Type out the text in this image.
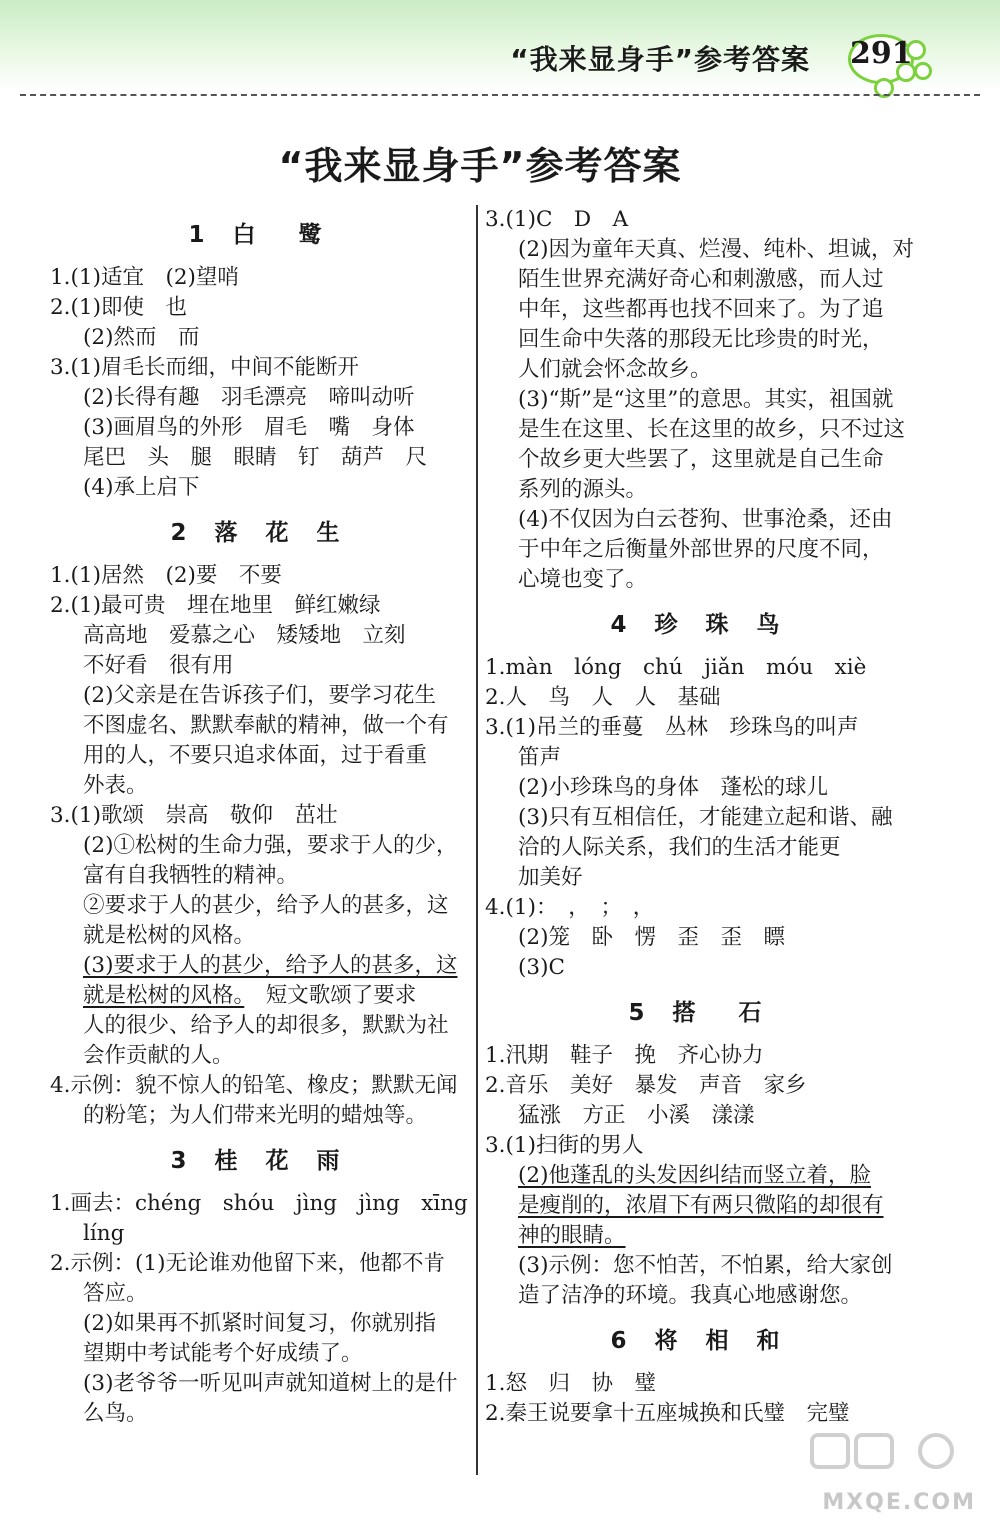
“我来显身手”参考答案 291
“我来显身手”参考答案
1 白　鹭
1.(1)适宜　(2)望哨
2.(1)即使　也
(2)然而　而
3.(1)眉毛长而细，中间不能断开
(2)长得有趣　羽毛漂亮　啼叫动听
(3)画眉鸟的外形　眉毛　嘴　身体
尾巴　头　腿　眼睛　钉　葫芦　尺
(4)承上启下
2 落 花 生
1.(1)居然　(2)要　不要
2.(1)最可贵　埋在地里　鲜红嫩绿
高高地　爱慕之心　矮矮地　立刻
不好看　很有用
(2)父亲是在告诉孩子们，要学习花生
不图虚名、默默奉献的精神，做一个有
用的人，不要只追求体面，过于看重
外表。
3.(1)歌颂　崇高　敬仰　茁壮
(2)①松树的生命力强，要求于人的少，
富有自我牺牲的精神。
②要求于人的甚少，给予人的甚多，这
就是松树的风格。
(3)要求于人的甚少，给予人的甚多，这
就是松树的风格。　短文歌颂了要求
人的很少、给予人的却很多，默默为社
会作贡献的人。
4.示例：貌不惊人的铅笔、橡皮；默默无闻
的粉笔；为人们带来光明的蜡烛等。
3 桂 花 雨
1.画去：chéng　shóu　jìng　jìng　xīng
líng
2.示例：(1)无论谁劝他留下来，他都不肯
答应。
(2)如果再不抓紧时间复习，你就别指
望期中考试能考个好成绩了。
(3)老爷爷一听见叫声就知道树上的是什
么鸟。
3.(1)C　D　A
(2)因为童年天真、烂漫、纯朴、坦诚，对
陌生世界充满好奇心和刺激感，而人过
中年，这些都再也找不回来了。为了追
回生命中失落的那段无比珍贵的时光，
人们就会怀念故乡。
(3)“斯”是“这里”的意思。其实，祖国就
是生在这里、长在这里的故乡，只不过这
个故乡更大些罢了，这里就是自己生命
系列的源头。
(4)不仅因为白云苍狗、世事沧桑，还由
于中年之后衡量外部世界的尺度不同，
心境也变了。
4 珍 珠 鸟
1.màn　lóng　chú　jiǎn　móu　xiè
2.人　鸟　人　人　基础
3.(1)吊兰的垂蔓　丛林　珍珠鸟的叫声
笛声
(2)小珍珠鸟的身体　蓬松的球儿
(3)只有互相信任，才能建立起和谐、融
洽的人际关系，我们的生活才能更
加美好
4.(1)：　，　；　，
(2)笼　卧　愣　歪　歪　瞟
(3)C
5 搭　石
1.汛期　鞋子　挽　齐心协力
2.音乐　美好　暴发　声音　家乡
猛涨　方正　小溪　漾漾
3.(1)扫街的男人
(2)他蓬乱的头发因纠结而竖立着，脸
是瘦削的，浓眉下有两只微陷的却很有
神的眼睛。
(3)示例：您不怕苦，不怕累，给大家创
造了洁净的环境。我真心地感谢您。
6 将 相 和
1.怒　归　协　璧
2.秦王说要拿十五座城换和氏璧　完璧
MXQE.COM
